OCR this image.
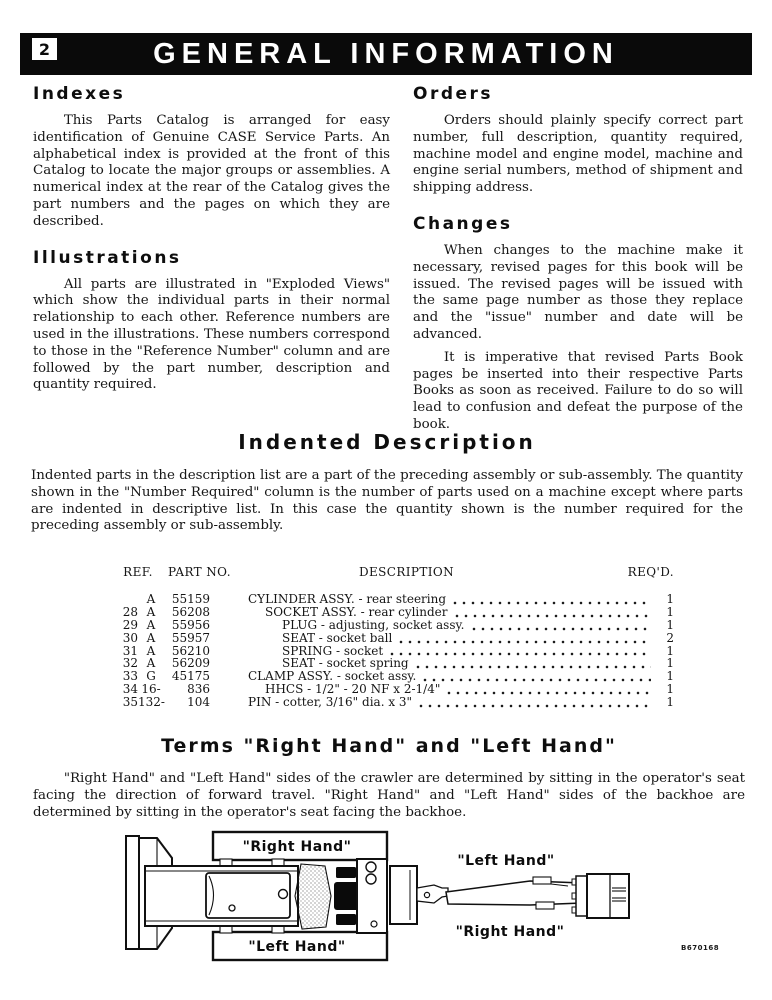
2	GENERAL INFORMATION
Indexes

This Parts Catalog is arranged for easy identification of Genuine CASE Service Parts. An alphabetical index is provided at the front of this Catalog to locate the major groups or assemblies. A numerical index at the rear of the Catalog gives the part numbers and the pages on which they are described.

Illustrations

All parts are illustrated in "Exploded Views" which show the individual parts in their normal relationship to each other. Reference numbers are used in the illustrations. These numbers correspond to those in the "Reference Number" column and are followed by the part number, description and quantity required.

Orders

Orders should plainly specify correct part number, full description, quantity required, machine model and engine model, machine and engine serial numbers, method of shipment and shipping address.

Changes

When changes to the machine make it necessary, revised pages for this book will be issued. The revised pages will be issued with the same page number as those they replace and the "issue" number and date will be advanced.

It is imperative that revised Parts Book pages be inserted into their respective Parts Books as soon as received. Failure to do so will lead to confusion and defeat the purpose of the book.

Indented Description

Indented parts in the description list are a part of the preceding assembly or sub-assembly. The quantity shown in the "Number Required" column is the number of parts used on a machine except where parts are indented in descriptive list. In this case the quantity shown is the number required for the preceding assembly or sub-assembly.

REF.	PART NO.	DESCRIPTION	REQ'D.
A	55159	CYLINDER ASSY. - rear steering	1
28 A	56208	SOCKET ASSY. - rear cylinder	1
29 A	55956	PLUG - adjusting, socket assy.	1
30 A	55957	SEAT - socket ball	2
31 A	56210	SPRING - socket	1
32 A	56209	SEAT - socket spring	1
33 G	45175	CLAMP ASSY. - socket assy.	1
34 16-	836	HHCS - 1/2" - 20 NF x 2-1/4"	1
35 132-	104	PIN - cotter, 3/16" dia. x 3"	1
Terms "Right Hand" and "Left Hand"

"Right Hand" and "Left Hand" sides of the crawler are determined by sitting in the operator's seat facing the direction of forward travel. "Right Hand" and "Left Hand" sides of the backhoe are determined by sitting in the operator's seat facing the backhoe.

"Right Hand"
"Left Hand"
"Left Hand"
"Right Hand"
B670168
